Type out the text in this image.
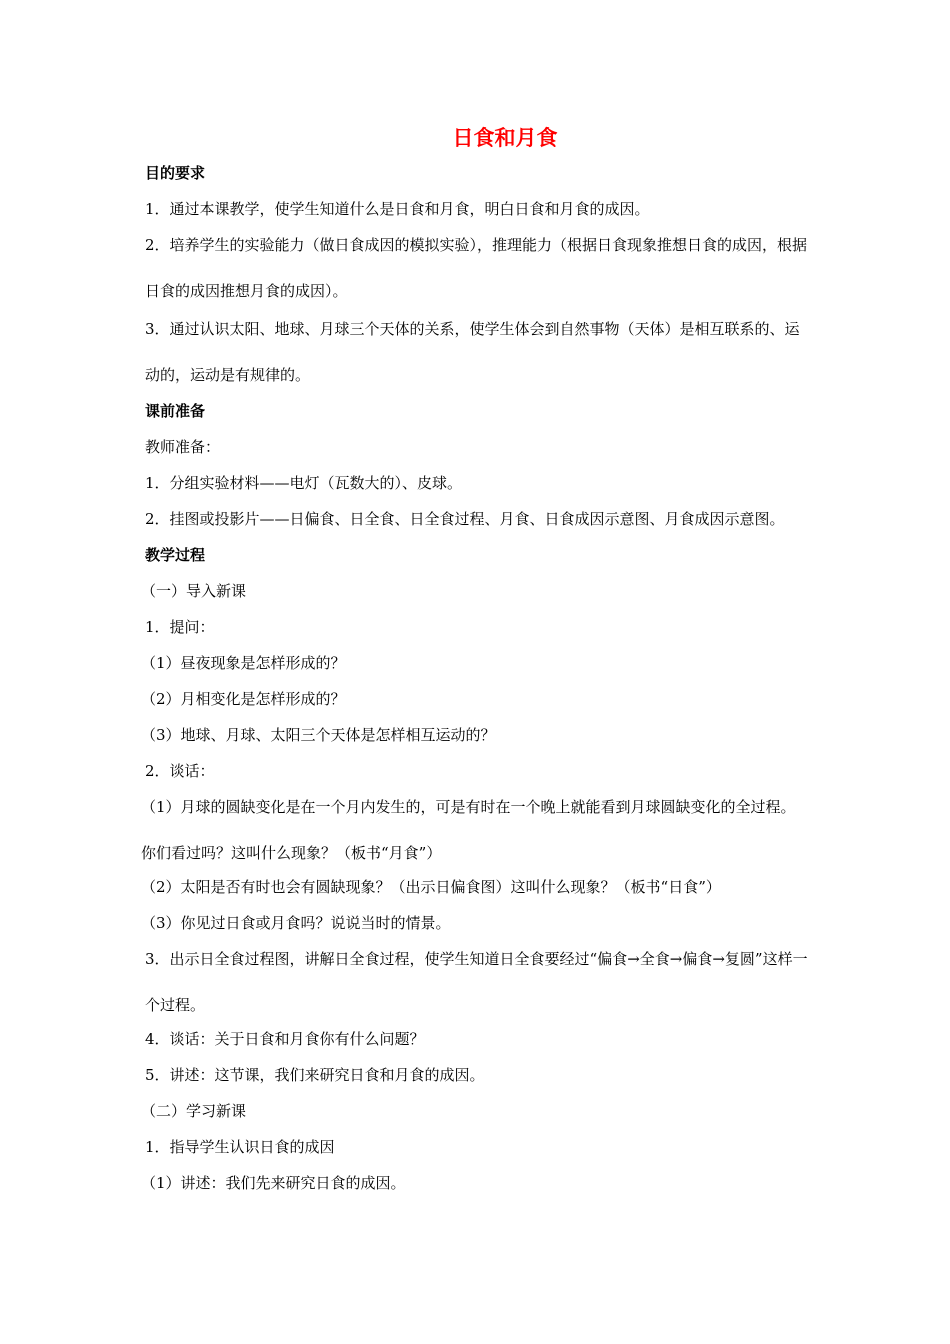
日食和月食
目的要求
1．通过本课教学，使学生知道什么是日食和月食，明白日食和月食的成因。
2．培养学生的实验能力（做日食成因的模拟实验），推理能力（根据日食现象推想日食的成因，根据日食的成因推想月食的成因）。
3．通过认识太阳、地球、月球三个天体的关系，使学生体会到自然事物（天体）是相互联系的、运动的，运动是有规律的。
课前准备
教师准备：
1．分组实验材料——电灯（瓦数大的）、皮球。
2．挂图或投影片——日偏食、日全食、日全食过程、月食、日食成因示意图、月食成因示意图。
教学过程
（一）导入新课
1．提问：
（1）昼夜现象是怎样形成的？
（2）月相变化是怎样形成的？
（3）地球、月球、太阳三个天体是怎样相互运动的？
2．谈话：
（1）月球的圆缺变化是在一个月内发生的，可是有时在一个晚上就能看到月球圆缺变化的全过程。你们看过吗？这叫什么现象？（板书“月食”）
（2）太阳是否有时也会有圆缺现象？（出示日偏食图）这叫什么现象？（板书“日食”）
（3）你见过日食或月食吗？说说当时的情景。
3．出示日全食过程图，讲解日全食过程，使学生知道日全食要经过“偏食→全食→偏食→复圆”这样一个过程。
4．谈话：关于日食和月食你有什么问题？
5．讲述：这节课，我们来研究日食和月食的成因。
（二）学习新课
1．指导学生认识日食的成因
（1）讲述：我们先来研究日食的成因。
